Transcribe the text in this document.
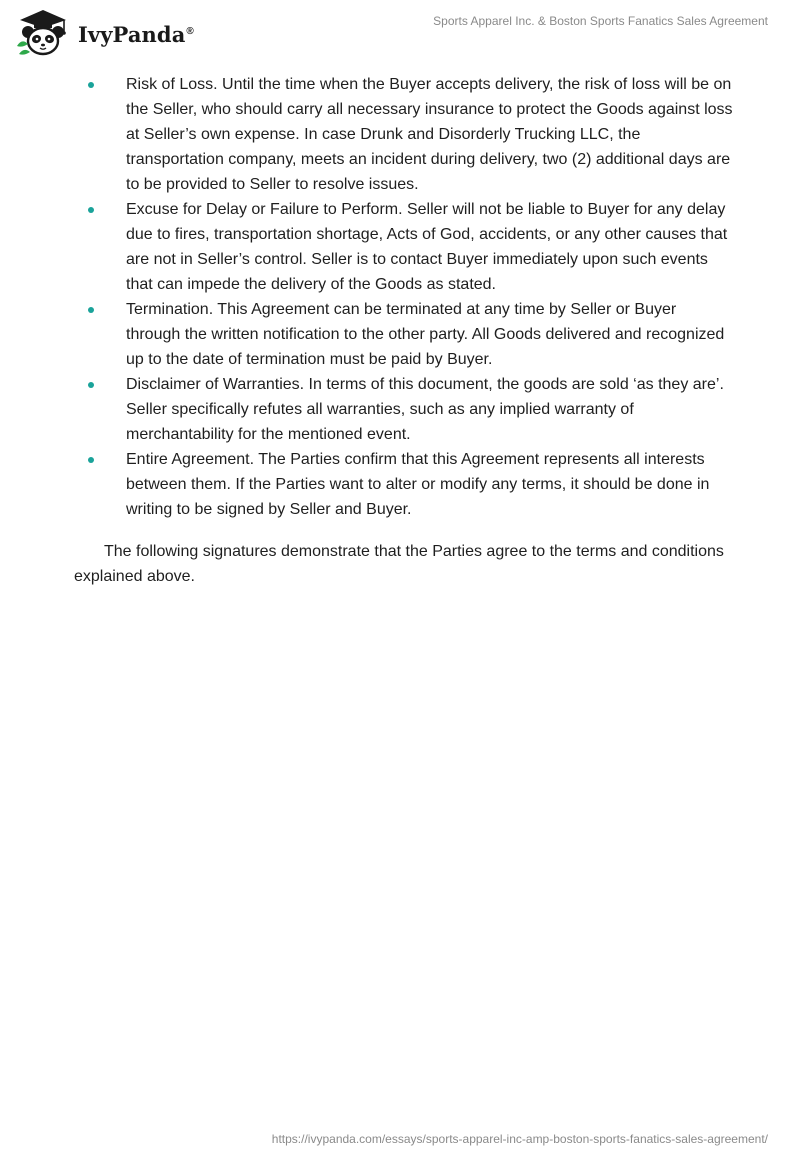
IvyPanda®
Sports Apparel Inc. & Boston Sports Fanatics Sales Agreement
Risk of Loss. Until the time when the Buyer accepts delivery, the risk of loss will be on the Seller, who should carry all necessary insurance to protect the Goods against loss at Seller’s own expense. In case Drunk and Disorderly Trucking LLC, the transportation company, meets an incident during delivery, two (2) additional days are to be provided to Seller to resolve issues.
Excuse for Delay or Failure to Perform. Seller will not be liable to Buyer for any delay due to fires, transportation shortage, Acts of God, accidents, or any other causes that are not in Seller’s control. Seller is to contact Buyer immediately upon such events that can impede the delivery of the Goods as stated.
Termination. This Agreement can be terminated at any time by Seller or Buyer through the written notification to the other party. All Goods delivered and recognized up to the date of termination must be paid by Buyer.
Disclaimer of Warranties. In terms of this document, the goods are sold ‘as they are’. Seller specifically refutes all warranties, such as any implied warranty of merchantability for the mentioned event.
Entire Agreement. The Parties confirm that this Agreement represents all interests between them. If the Parties want to alter or modify any terms, it should be done in writing to be signed by Seller and Buyer.

The following signatures demonstrate that the Parties agree to the terms and conditions explained above.

https://ivypanda.com/essays/sports-apparel-inc-amp-boston-sports-fanatics-sales-agreement/
